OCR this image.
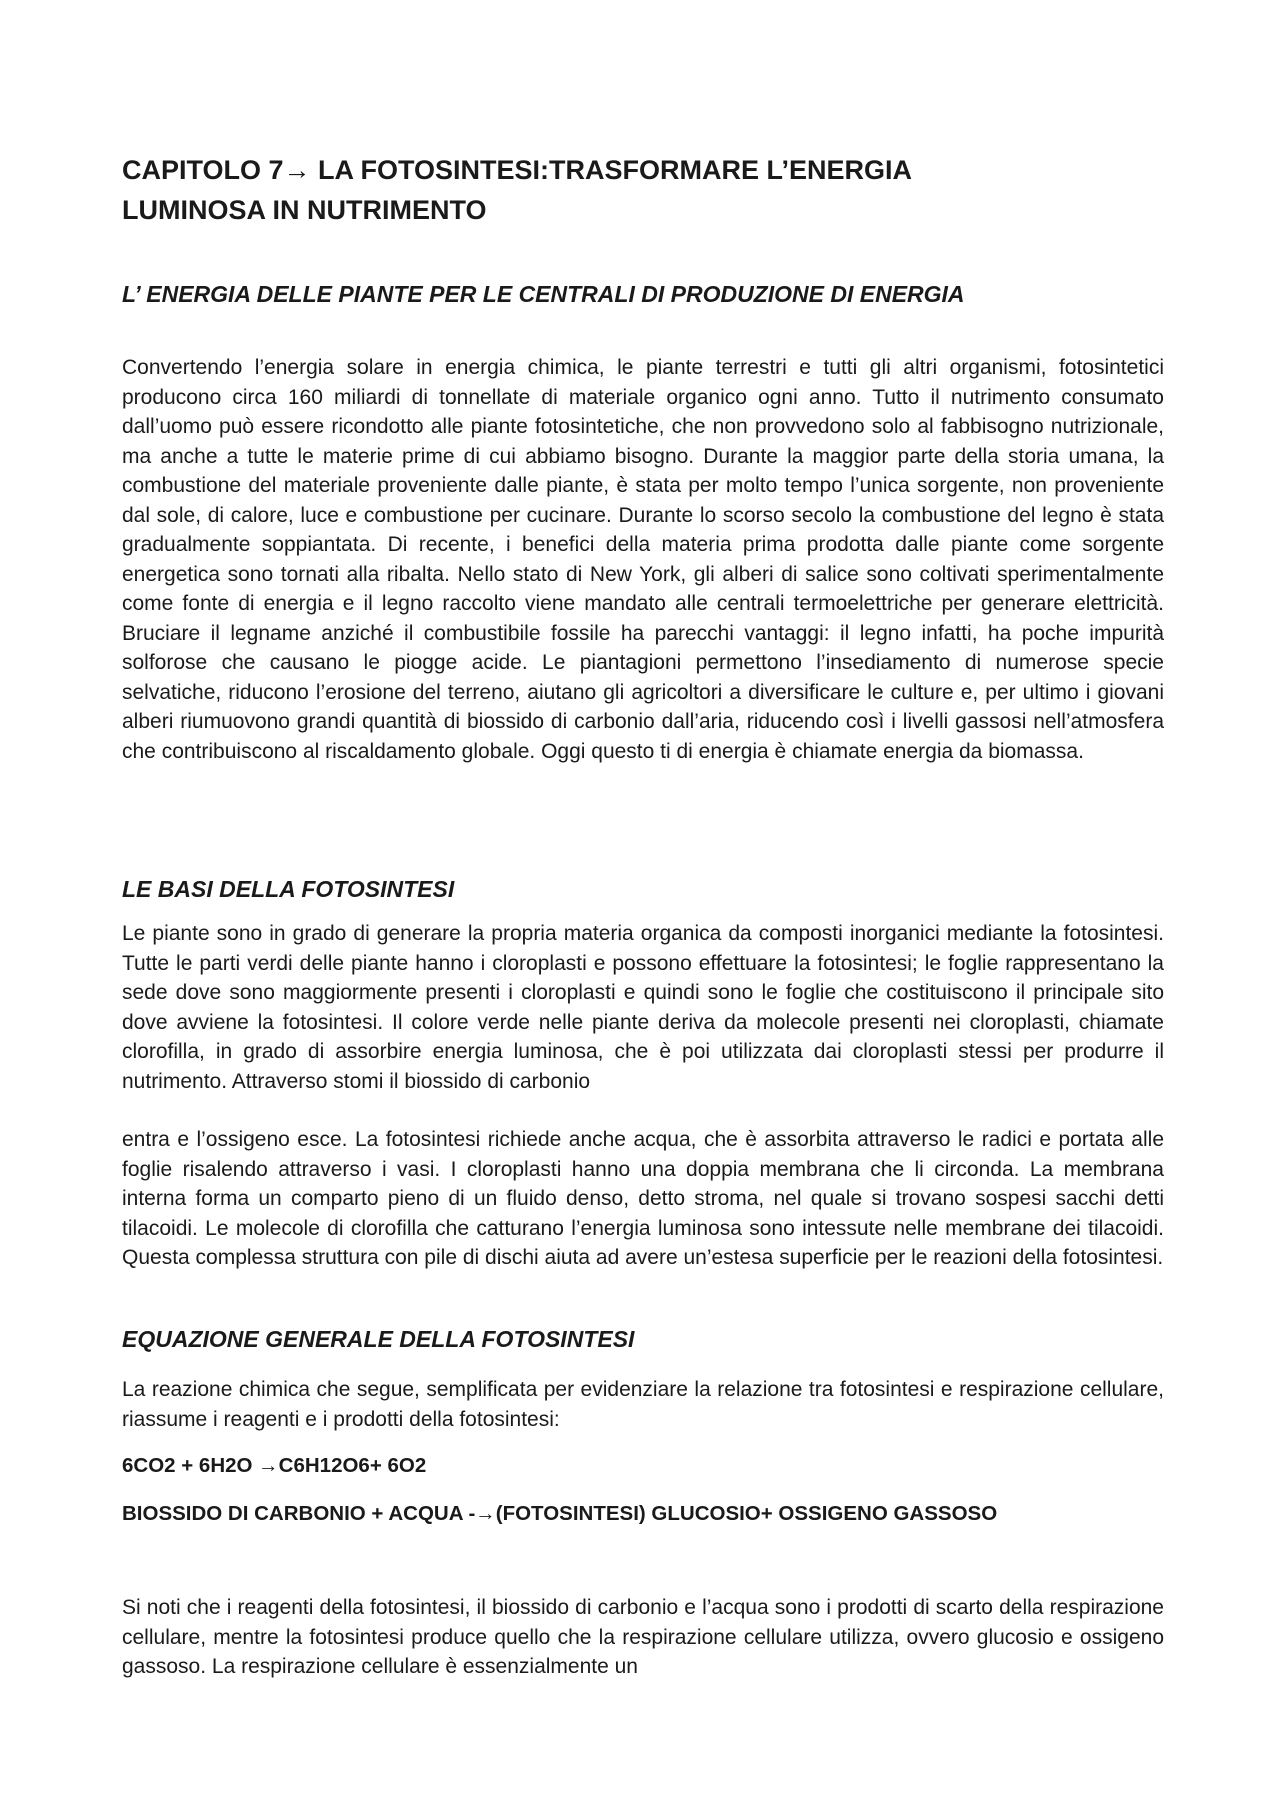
CAPITOLO 7→ LA FOTOSINTESI:TRASFORMARE L’ENERGIA
LUMINOSA IN NUTRIMENTO
L’ ENERGIA DELLE PIANTE PER LE CENTRALI DI PRODUZIONE DI ENERGIA

Convertendo l’energia solare in energia chimica, le piante terrestri e tutti gli altri organismi, fotosintetici producono circa 160 miliardi di tonnellate di materiale organico ogni anno. Tutto il nutrimento consumato dall’uomo può essere ricondotto alle piante fotosintetiche, che non provvedono solo al fabbisogno nutrizionale, ma anche a tutte le materie prime di cui abbiamo bisogno. Durante la maggior parte della storia umana, la combustione del materiale proveniente dalle piante, è stata per molto tempo l’unica sorgente, non proveniente dal sole, di calore, luce e combustione per cucinare. Durante lo scorso secolo la combustione del legno è stata gradualmente soppiantata. Di recente, i benefici della materia prima prodotta dalle piante come sorgente energetica sono tornati alla ribalta. Nello stato di New York, gli alberi di salice sono coltivati sperimentalmente come fonte di energia e il legno raccolto viene mandato alle centrali termoelettriche per generare elettricità. Bruciare il legname anziché il combustibile fossile ha parecchi vantaggi: il legno infatti, ha poche impurità solforose che causano le piogge acide. Le piantagioni permettono l’insediamento di numerose specie selvatiche, riducono l’erosione del terreno, aiutano gli agricoltori a diversificare le culture e, per ultimo i giovani alberi riumuovono grandi quantità di biossido di carbonio dall’aria, riducendo così i livelli gassosi nell’atmosfera che contribuiscono al riscaldamento globale. Oggi questo ti di energia è chiamate energia da biomassa.

LE BASI DELLA FOTOSINTESI

Le piante sono in grado di generare la propria materia organica da composti inorganici mediante la fotosintesi. Tutte le parti verdi delle piante hanno i cloroplasti e possono effettuare la fotosintesi; le foglie rappresentano la sede dove sono maggiormente presenti i cloroplasti e quindi sono le foglie che costituiscono il principale sito dove avviene la fotosintesi. Il colore verde nelle piante deriva da molecole presenti nei cloroplasti, chiamate clorofilla, in grado di assorbire energia luminosa, che è poi utilizzata dai cloroplasti stessi per produrre il nutrimento. Attraverso stomi il biossido di carbonio

entra e l’ossigeno esce. La fotosintesi richiede anche acqua, che è assorbita attraverso le radici e portata alle foglie risalendo attraverso i vasi. I cloroplasti hanno una doppia membrana che li circonda. La membrana interna forma un comparto pieno di un fluido denso, detto stroma, nel quale si trovano sospesi sacchi detti tilacoidi. Le molecole di clorofilla che catturano l’energia luminosa sono intessute nelle membrane dei tilacoidi. Questa complessa struttura con pile di dischi aiuta ad avere un’estesa superficie per le reazioni della fotosintesi.

EQUAZIONE GENERALE DELLA FOTOSINTESI

La reazione chimica che segue, semplificata per evidenziare la relazione tra fotosintesi e respirazione cellulare, riassume i reagenti e i prodotti della fotosintesi:

6CO2 + 6H2O →C6H12O6+ 6O2

BIOSSIDO DI CARBONIO + ACQUA -→(FOTOSINTESI) GLUCOSIO+ OSSIGENO GASSOSO

Si noti che i reagenti della fotosintesi, il biossido di carbonio e l’acqua sono i prodotti di scarto della respirazione cellulare, mentre la fotosintesi produce quello che la respirazione cellulare utilizza, ovvero glucosio e ossigeno gassoso. La respirazione cellulare è essenzialmente un
